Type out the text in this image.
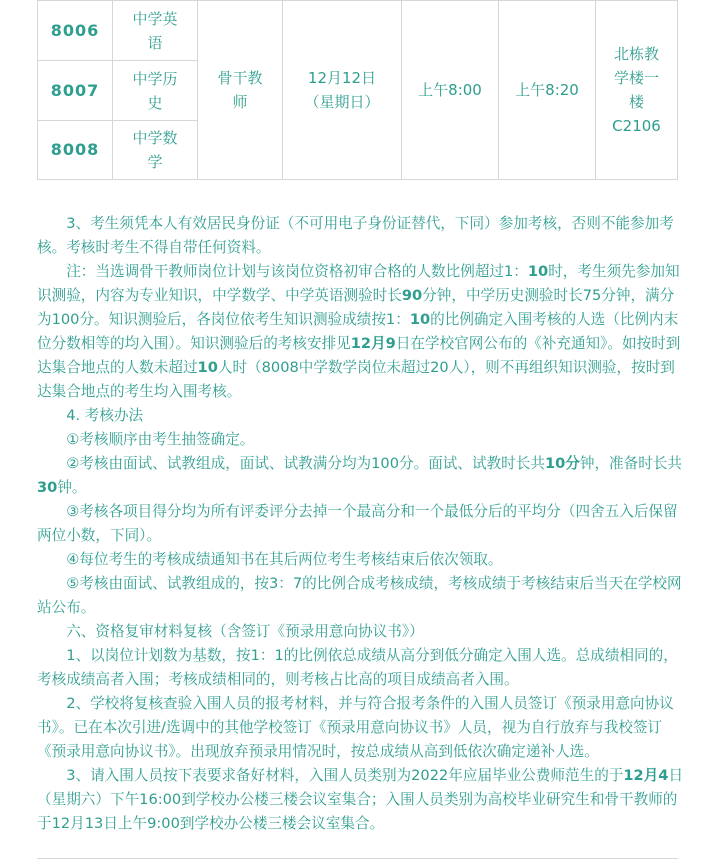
8006	中学英语	骨干教师	12月12日（星期日）	上午8:00	上午8:20	北栋教学楼一楼C2106

8007	中学历史					

8008	中学数学					

3、考生须凭本人有效居民身份证（不可用电子身份证替代，下同）参加考核，否则不能参加考核。考核时考生不得自带任何资料。

注：当选调骨干教师岗位计划与该岗位资格初审合格的人数比例超过1：10时，考生须先参加知识测验，内容为专业知识，中学数学、中学英语测验时长90分钟，中学历史测验时长75分钟，满分为100分。知识测验后，各岗位依考生知识测验成绩按1：10的比例确定入围考核的人选（比例内末位分数相等的均入围）。知识测验后的考核安排见12月9日在学校官网公布的《补充通知》。如按时到达集合地点的人数未超过10人时（8008中学数学岗位未超过20人），则不再组织知识测验，按时到达集合地点的考生均入围考核。

4. 考核办法

①考核顺序由考生抽签确定。

②考核由面试、试教组成，面试、试教满分均为100分。面试、试教时长共10分钟，准备时长共30钟。

③考核各项目得分均为所有评委评分去掉一个最高分和一个最低分后的平均分（四舍五入后保留两位小数，下同）。

④每位考生的考核成绩通知书在其后两位考生考核结束后依次领取。

⑤考核由面试、试教组成的，按3：7的比例合成考核成绩，考核成绩于考核结束后当天在学校网站公布。

六、资格复审材料复核（含签订《预录用意向协议书》）

1、以岗位计划数为基数，按1：1的比例依总成绩从高分到低分确定入围人选。总成绩相同的，考核成绩高者入围；考核成绩相同的，则考核占比高的项目成绩高者入围。

2、学校将复核查验入围人员的报考材料，并与符合报考条件的入围人员签订《预录用意向协议书》。已在本次引进/选调中的其他学校签订《预录用意向协议书》人员，视为自行放弃与我校签订《预录用意向协议书》。出现放弃预录用情况时，按总成绩从高到低依次确定递补人选。

3、请入围人员按下表要求备好材料，入围人员类别为2022年应届毕业公费师范生的于12月4日（星期六）下午16:00到学校办公楼三楼会议室集合；入围人员类别为高校毕业研究生和骨干教师的于12月13日上午9:00到学校办公楼三楼会议室集合。
